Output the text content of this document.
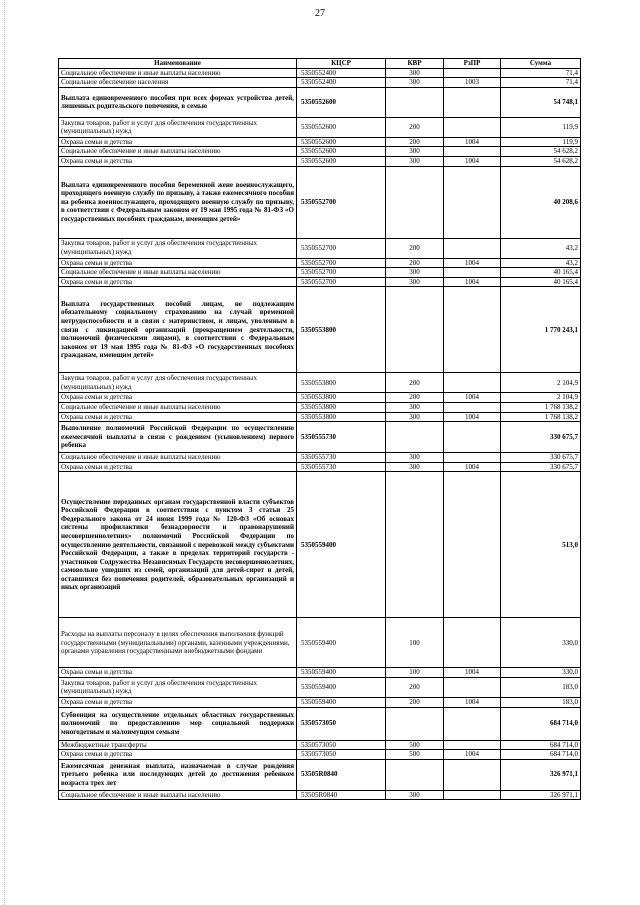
27
Наименование	КЦСР	КВР	РзПР	Сумма
Социальное обеспечение и иные выплаты населению	5350552400	300		71,4
Социальное обеспечение населения	5350552400	300	1003	71,4
Выплата единовременного пособия при всех формах устройства детей, лишенных родительского попечения, в семью	5350552600			54 748,1
Закупка товаров, работ и услуг для обеспечения государственных (муниципальных) нужд	5350552600	200		119,9
Охрана семьи и детства	5350552600	200	1004	119,9
Социальное обеспечение и иные выплаты населению	5350552600	300		54 628,2
Охрана семьи и детства	5350552600	300	1004	54 628,2
Выплата единовременного пособия беременной жене военнослужащего, проходящего военную службу по призыву, а также ежемесячного пособия на ребенка военнослужащего, проходящего военную службу по призыву, в соответствии с Федеральным законом от 19 мая 1995 года № 81-ФЗ «О государственных пособиях гражданам, имеющим детей»	5350552700			40 208,6
Закупка товаров, работ и услуг для обеспечения государственных (муниципальных) нужд	5350552700	200		43,2
Охрана семьи и детства	5350552700	200	1004	43,2
Социальное обеспечение и иные выплаты населению	5350552700	300		40 165,4
Охрана семьи и детства	5350552700	300	1004	40 165,4
Выплата государственных пособий лицам, не подлежащим обязательному социальному страхованию на случай временной нетрудоспособности и в связи с материнством, и лицам, уволенным в связи с ликвидацией организаций (прекращением деятельности, полномочий физическими лицами), в соответствии с Федеральным законом от 19 мая 1995 года № 81-ФЗ «О государственных пособиях гражданам, имеющим детей»	5350553800			1 770 243,1
Закупка товаров, работ и услуг для обеспечения государственных (муниципальных) нужд	5350553800	200		2 104,9
Охрана семьи и детства	5350553800	200	1004	2 104,9
Социальное обеспечение и иные выплаты населению	5350553800	300		1 768 138,2
Охрана семьи и детства	5350553800	300	1004	1 768 138,2
Выполнение полномочий Российской Федерации по осуществлению ежемесячной выплаты в связи с рождением (усыновлением) первого ребенка	5350555730			330 675,7
Социальное обеспечение и иные выплаты населению	5350555730	300		330 675,7
Охрана семьи и детства	5350555730	300	1004	330 675,7
Осуществление переданных органам государственной власти субъектов Российской Федерации в соответствии с пунктом 3 статьи 25 Федерального закона от 24 июня 1999 года № 120-ФЗ «Об основах системы профилактики безнадзорности и правонарушений несовершеннолетних» полномочий Российской Федерации по осуществлению деятельности, связанной с перевозкой между субъектами Российской Федерации, а также в пределах территорий государств - участников Содружества Независимых Государств несовершеннолетних, самовольно ушедших из семей, организаций для детей-сирот и детей, оставшихся без попечения родителей, образовательных организаций и иных организаций	5350559400			513,0
Расходы на выплаты персоналу в целях обеспечения выполнения функций государственными (муниципальными) органами, казенными учреждениями, органами управления государственными внебюджетными фондами	5350559400	100		330,0
Охрана семьи и детства	5350559400	100	1004	330,0
Закупка товаров, работ и услуг для обеспечения государственных (муниципальных) нужд	5350559400	200		183,0
Охрана семьи и детства	5350559400	200	1004	183,0
Субвенция на осуществление отдельных областных государственных полномочий по предоставлению мер социальной поддержки многодетным и малоимущим семьям	5350573050			684 714,0
Межбюджетные трансферты	5350573050	500		684 714,0
Охрана семьи и детства	5350573050	500	1004	684 714,0
Ежемесячная денежная выплата, назначаемая в случае рождения третьего ребенка или последующих детей до достижения ребенком возраста трех лет	53505R0840			326 971,1
Социальное обеспечение и иные выплаты населению	53505R0840	300		326 971,1
